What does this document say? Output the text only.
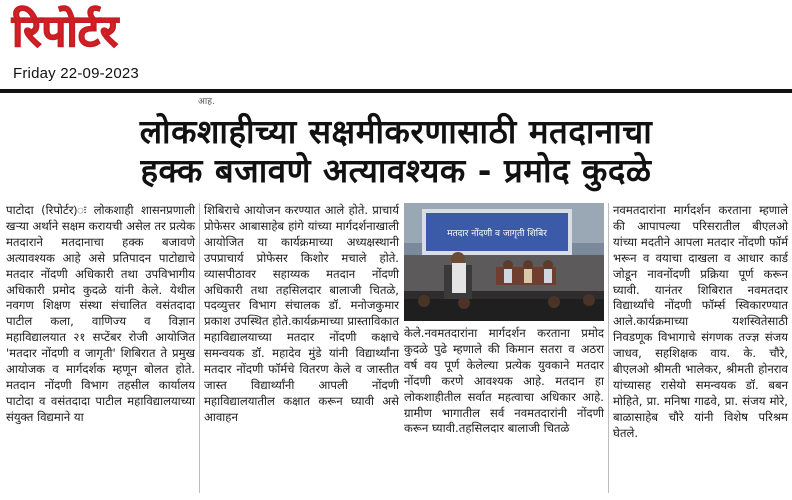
रिपोर्टर
Friday 22-09-2023
आह.
लोकशाहीच्या सक्षमीकरणासाठी मतदानाचा
हक्क बजावणे अत्यावश्यक - प्रमोद कुदळे

पाटोदा (रिपोर्टर)ः लोकशाही शासनप्रणाली खऱ्या अर्थाने सक्षम करायची असेल तर प्रत्येक मतदाराने मतदानाचा हक्क बजावणे अत्यावश्यक आहे असे प्रतिपादन पाटोद्याचे मतदार नोंदणी अधिकारी तथा उपविभागीय अधिकारी प्रमोद कुदळे यांनी केले. येथील नवगण शिक्षण संस्था संचालित वसंतदादा पाटील कला, वाणिज्य व विज्ञान महाविद्यालयात २१ सप्टेंबर रोजी आयोजित 'मतदार नोंदणी व जागृती' शिबिरात ते प्रमुख आयोजक व मार्गदर्शक म्हणून बोलत होते. मतदान नोंदणी विभाग तहसील कार्यालय पाटोदा व वसंतदादा पाटील महाविद्यालयाच्या संयुक्त विद्यमाने या

शिबिराचे आयोजन करण्यात आले होते. प्राचार्य प्रोफेसर आबासाहेब हांगे यांच्या मार्गदर्शनाखाली आयोजित या कार्यक्रमाच्या अध्यक्षस्थानी उपप्राचार्य प्रोफेसर किशोर मचाले होते. व्यासपीठावर सहाय्यक मतदान नोंदणी अधिकारी तथा तहसिलदार बालाजी चितळे, पदव्युत्तर विभाग संचालक डॉ. मनोजकुमार प्रकाश उपस्थित होते.कार्यक्रमाच्या प्रास्ताविकात महाविद्यालयाच्या मतदार नोंदणी कक्षाचे समन्वयक डॉ. महादेव मुंडे यांनी विद्यार्थ्यांना मतदार नोंदणी फॉर्मचे वितरण केले व जास्तीत जास्त विद्यार्थ्यांनी आपली नोंदणी महाविद्यालयातील कक्षात करून घ्यावी असे आवाहन

मतदार नोंदणी व जागृती शिबिर

केले.नवमतदारांना मार्गदर्शन करताना प्रमोद कुदळे पुढे म्हणाले की किमान सतरा व अठरा वर्ष वय पूर्ण केलेल्या प्रत्येक युवकाने मतदार नोंदणी करणे आवश्यक आहे. मतदान हा लोकशाहीतील सर्वात महत्वाचा अधिकार आहे. ग्रामीण भागातील सर्व नवमतदारांनी नोंदणी करून घ्यावी.तहसिलदार बालाजी चितळे

नवमतदारांना मार्गदर्शन करताना म्हणाले की आपापल्या परिसरातील बीएलओ यांच्या मदतीने आपला मतदार नोंदणी फॉर्म भरून व वयाचा दाखला व आधार कार्ड जोडून नावनोंदणी प्रक्रिया पूर्ण करून घ्यावी. यानंतर शिबिरात नवमतदार विद्यार्थ्यांचे नोंदणी फॉर्म्स स्विकारण्यात आले.कार्यक्रमाच्या यशस्वितेसाठी निवडणूक विभागाचे संगणक तज्ज्ञ संजय जाधव, सहशिक्षक वाय. के. चौरे, बीएलओ श्रीमती भालेकर, श्रीमती होनराव यांच्यासह रासेयो समन्वयक डॉ. बबन मोहिते, प्रा. मनिषा गाढवे, प्रा. संजय मोरे, बाळासाहेब चौरे यांनी विशेष परिश्रम घेतले.
